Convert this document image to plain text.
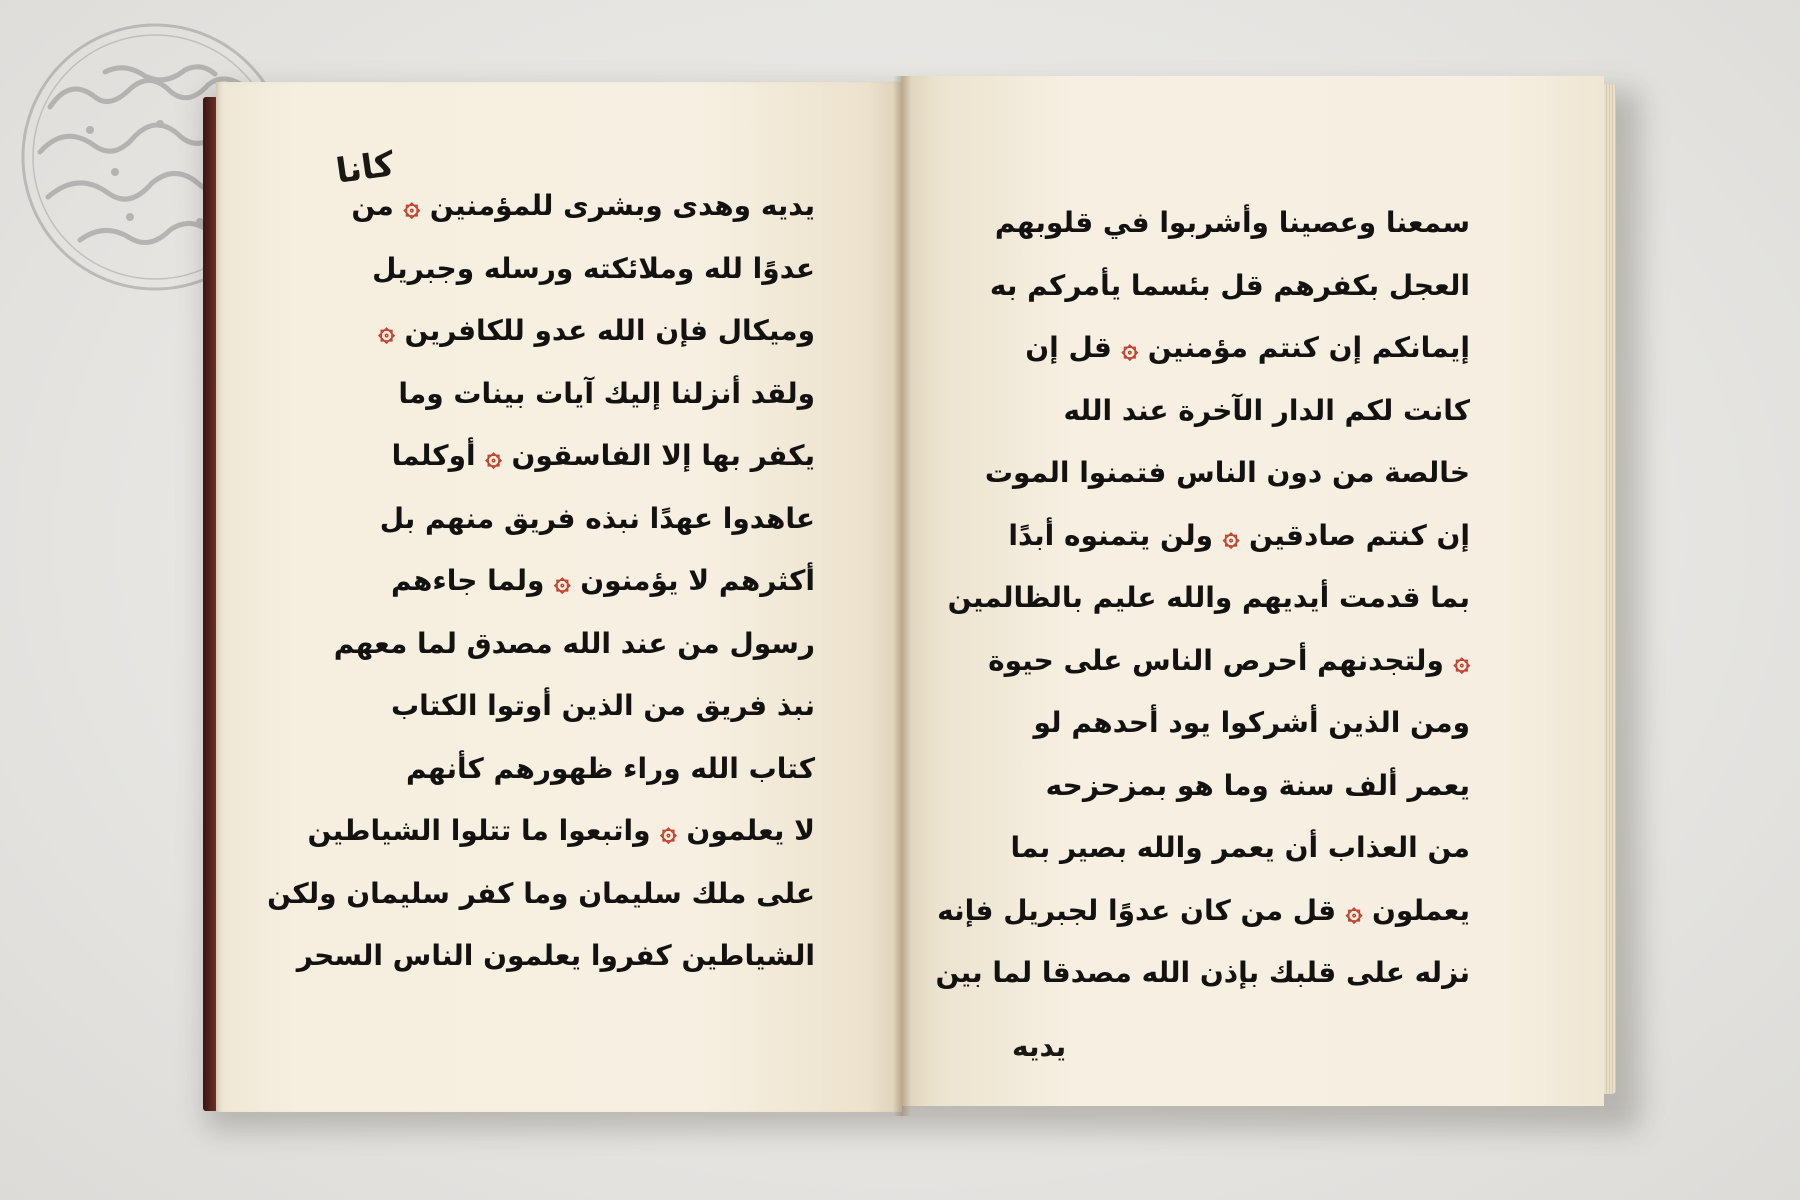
كانا
يديه وهدى وبشرى للمؤمنين ۞ من
عدوًا لله وملائكته ورسله وجبريل
وميكال فإن الله عدو للكافرين ۞
ولقد أنزلنا إليك آيات بينات وما
يكفر بها إلا الفاسقون ۞ أوكلما
عاهدوا عهدًا نبذه فريق منهم بل
أكثرهم لا يؤمنون ۞ ولما جاءهم
رسول من عند الله مصدق لما معهم
نبذ فريق من الذين أوتوا الكتاب
كتاب الله وراء ظهورهم كأنهم
لا يعلمون ۞ واتبعوا ما تتلوا الشياطين
على ملك سليمان وما كفر سليمان ولكن
الشياطين كفروا يعلمون الناس السحر
سمعنا وعصينا وأشربوا في قلوبهم
العجل بكفرهم قل بئسما يأمركم به
إيمانكم إن كنتم مؤمنين ۞ قل إن
كانت لكم الدار الآخرة عند الله
خالصة من دون الناس فتمنوا الموت
إن كنتم صادقين ۞ ولن يتمنوه أبدًا
بما قدمت أيديهم والله عليم بالظالمين
۞ ولتجدنهم أحرص الناس على حيوة
ومن الذين أشركوا يود أحدهم لو
يعمر ألف سنة وما هو بمزحزحه
من العذاب أن يعمر والله بصير بما
يعملون ۞ قل من كان عدوًا لجبريل فإنه
نزله على قلبك بإذن الله مصدقا لما بين
يديه
